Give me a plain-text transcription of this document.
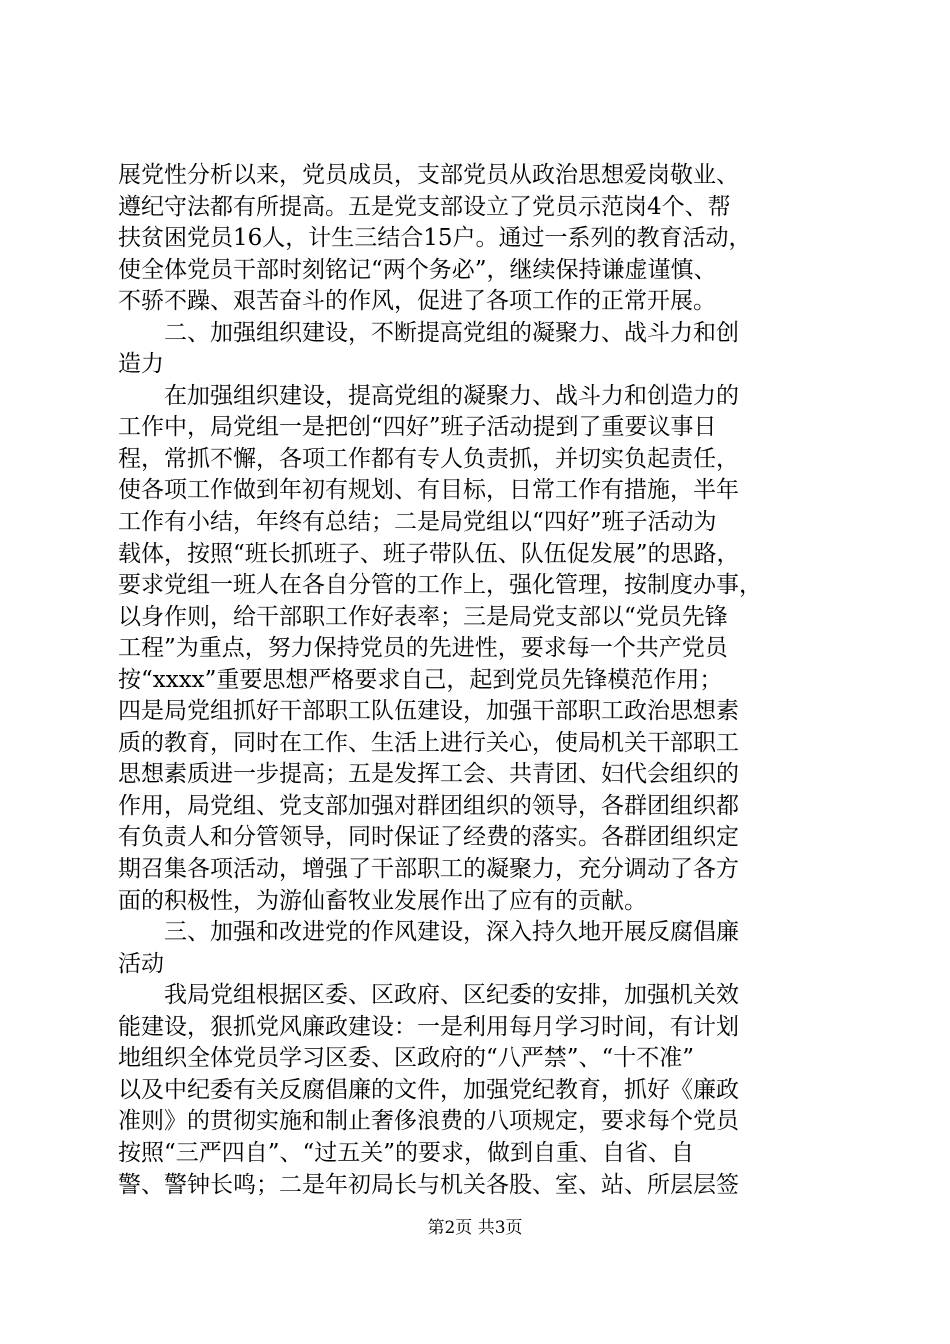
展党性分析以来，党员成员，支部党员从政治思想爱岗敬业、
遵纪守法都有所提高。五是党支部设立了党员示范岗4个、帮
扶贫困党员16人，计生三结合15户。通过一系列的教育活动，
使全体党员干部时刻铭记“两个务必”，继续保持谦虚谨慎、
不骄不躁、艰苦奋斗的作风，促进了各项工作的正常开展。
二、加强组织建设，不断提高党组的凝聚力、战斗力和创
造力
在加强组织建设，提高党组的凝聚力、战斗力和创造力的
工作中，局党组一是把创“四好”班子活动提到了重要议事日
程，常抓不懈，各项工作都有专人负责抓，并切实负起责任，
使各项工作做到年初有规划、有目标，日常工作有措施，半年
工作有小结，年终有总结；二是局党组以“四好”班子活动为
载体，按照“班长抓班子、班子带队伍、队伍促发展”的思路，
要求党组一班人在各自分管的工作上，强化管理，按制度办事，
以身作则，给干部职工作好表率；三是局党支部以“党员先锋
工程”为重点，努力保持党员的先进性，要求每一个共产党员
按“xxxx”重要思想严格要求自己，起到党员先锋模范作用；
四是局党组抓好干部职工队伍建设，加强干部职工政治思想素
质的教育，同时在工作、生活上进行关心，使局机关干部职工
思想素质进一步提高；五是发挥工会、共青团、妇代会组织的
作用，局党组、党支部加强对群团组织的领导，各群团组织都
有负责人和分管领导，同时保证了经费的落实。各群团组织定
期召集各项活动，增强了干部职工的凝聚力，充分调动了各方
面的积极性，为游仙畜牧业发展作出了应有的贡献。
三、加强和改进党的作风建设，深入持久地开展反腐倡廉
活动
我局党组根据区委、区政府、区纪委的安排，加强机关效
能建设，狠抓党风廉政建设：一是利用每月学习时间，有计划
地组织全体党员学习区委、区政府的“八严禁”、“十不准”
以及中纪委有关反腐倡廉的文件，加强党纪教育，抓好《廉政
准则》的贯彻实施和制止奢侈浪费的八项规定，要求每个党员
按照“三严四自”、“过五关”的要求，做到自重、自省、自
警、警钟长鸣；二是年初局长与机关各股、室、站、所层层签
第2页 共3页
